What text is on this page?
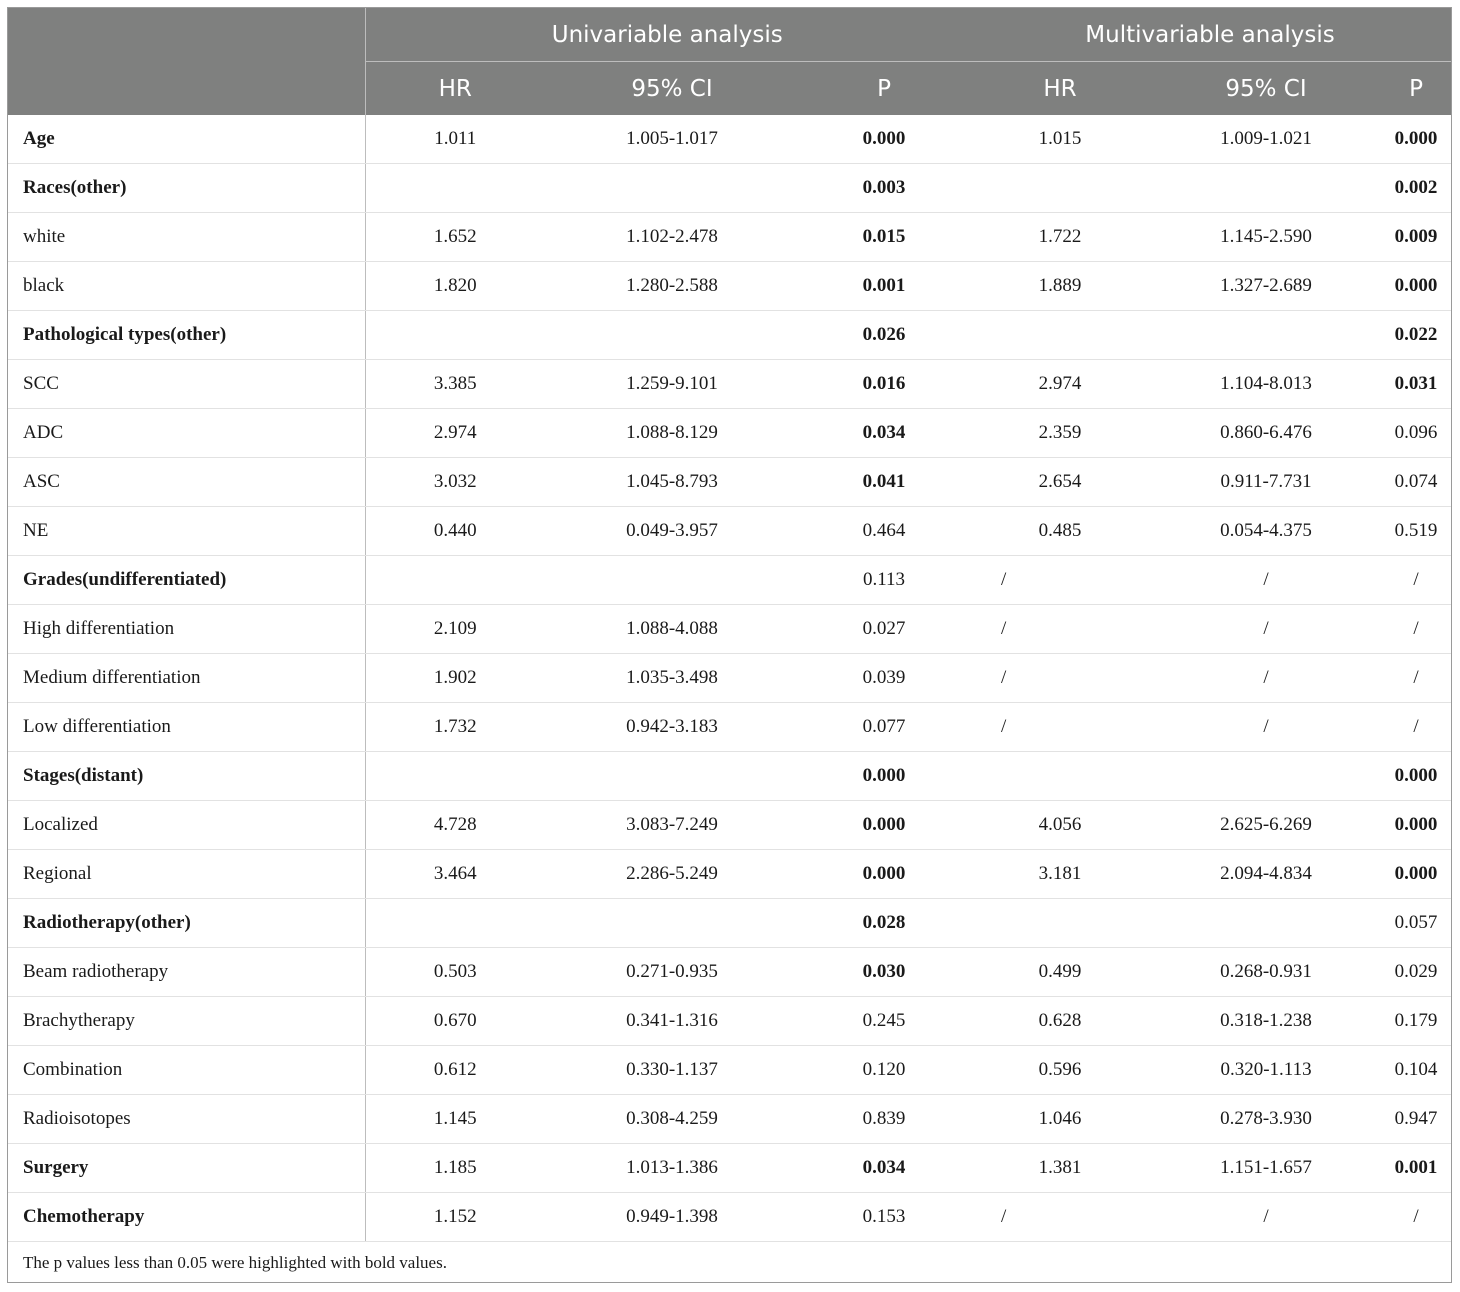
	Univariable analysis			Multivariable analysis		
	HR	95% CI	P	HR	95% CI	P
Age	1.011	1.005-1.017	0.000	1.015	1.009-1.021	0.000
Races(other)			0.003			0.002
white	1.652	1.102-2.478	0.015	1.722	1.145-2.590	0.009
black	1.820	1.280-2.588	0.001	1.889	1.327-2.689	0.000
Pathological types(other)			0.026			0.022
SCC	3.385	1.259-9.101	0.016	2.974	1.104-8.013	0.031
ADC	2.974	1.088-8.129	0.034	2.359	0.860-6.476	0.096
ASC	3.032	1.045-8.793	0.041	2.654	0.911-7.731	0.074
NE	0.440	0.049-3.957	0.464	0.485	0.054-4.375	0.519
Grades(undifferentiated)			0.113	/	/	/
High differentiation	2.109	1.088-4.088	0.027	/	/	/
Medium differentiation	1.902	1.035-3.498	0.039	/	/	/
Low differentiation	1.732	0.942-3.183	0.077	/	/	/
Stages(distant)			0.000			0.000
Localized	4.728	3.083-7.249	0.000	4.056	2.625-6.269	0.000
Regional	3.464	2.286-5.249	0.000	3.181	2.094-4.834	0.000
Radiotherapy(other)			0.028			0.057
Beam radiotherapy	0.503	0.271-0.935	0.030	0.499	0.268-0.931	0.029
Brachytherapy	0.670	0.341-1.316	0.245	0.628	0.318-1.238	0.179
Combination	0.612	0.330-1.137	0.120	0.596	0.320-1.113	0.104
Radioisotopes	1.145	0.308-4.259	0.839	1.046	0.278-3.930	0.947
Surgery	1.185	1.013-1.386	0.034	1.381	1.151-1.657	0.001
Chemotherapy	1.152	0.949-1.398	0.153	/	/	/
The p values less than 0.05 were highlighted with bold values.
